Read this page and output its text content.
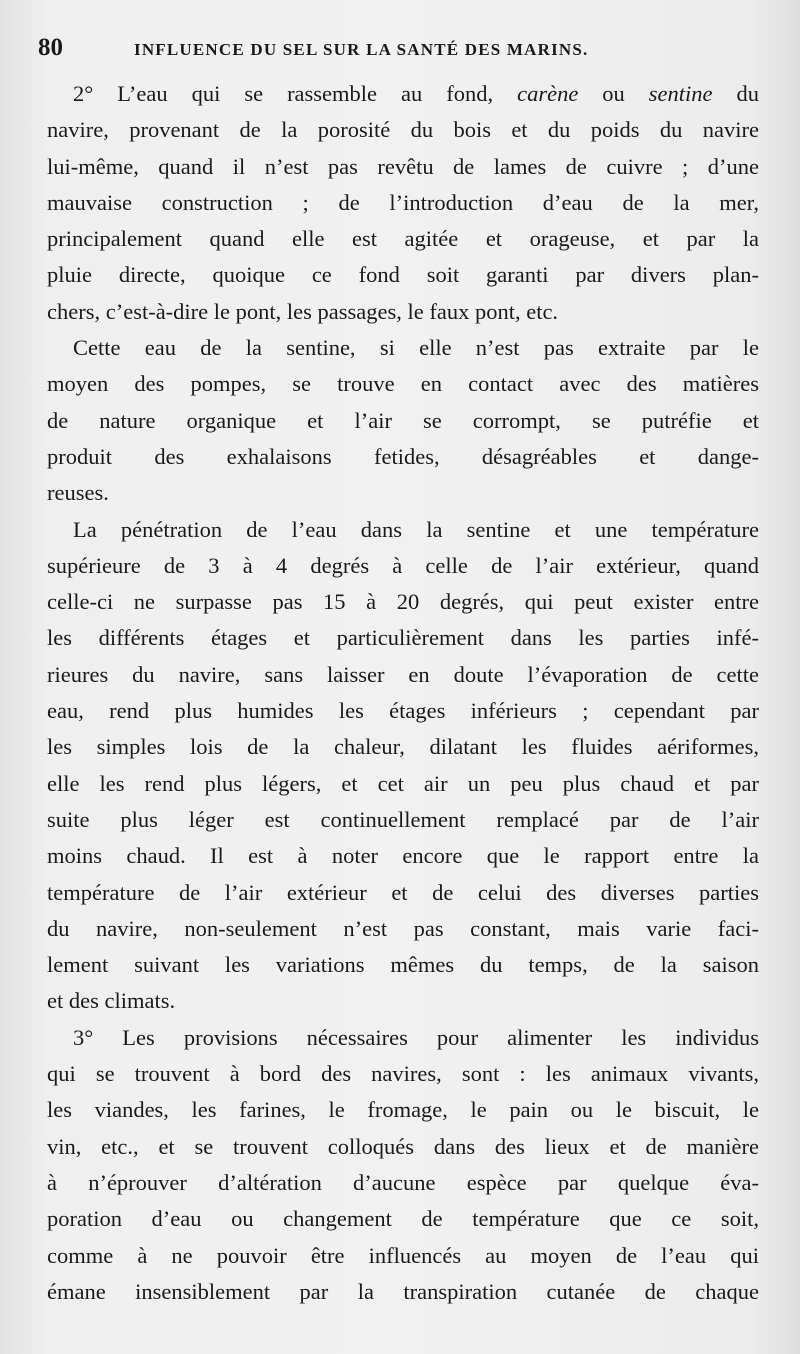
80	INFLUENCE DU SEL SUR LA SANTÉ DES MARINS.
2° L’eau qui se rassemble au fond, carène ou sentine du
navire, provenant de la porosité du bois et du poids du navire
lui-même, quand il n’est pas revêtu de lames de cuivre ; d’une
mauvaise construction ; de l’introduction d’eau de la mer,
principalement quand elle est agitée et orageuse, et par la
pluie directe, quoique ce fond soit garanti par divers plan-
chers, c’est-à-dire le pont, les passages, le faux pont, etc.
Cette eau de la sentine, si elle n’est pas extraite par le
moyen des pompes, se trouve en contact avec des matières
de nature organique et l’air se corrompt, se putréfie et
produit des exhalaisons fetides, désagréables et dange-
reuses.
La pénétration de l’eau dans la sentine et une température
supérieure de 3 à 4 degrés à celle de l’air extérieur, quand
celle-ci ne surpasse pas 15 à 20 degrés, qui peut exister entre
les différents étages et particulièrement dans les parties infé-
rieures du navire, sans laisser en doute l’évaporation de cette
eau, rend plus humides les étages inférieurs ; cependant par
les simples lois de la chaleur, dilatant les fluides aériformes,
elle les rend plus légers, et cet air un peu plus chaud et par
suite plus léger est continuellement remplacé par de l’air
moins chaud. Il est à noter encore que le rapport entre la
température de l’air extérieur et de celui des diverses parties
du navire, non-seulement n’est pas constant, mais varie faci-
lement suivant les variations mêmes du temps, de la saison
et des climats.
3° Les provisions nécessaires pour alimenter les individus
qui se trouvent à bord des navires, sont : les animaux vivants,
les viandes, les farines, le fromage, le pain ou le biscuit, le
vin, etc., et se trouvent colloqués dans des lieux et de manière
à n’éprouver d’altération d’aucune espèce par quelque éva-
poration d’eau ou changement de température que ce soit,
comme à ne pouvoir être influencés au moyen de l’eau qui
émane insensiblement par la transpiration cutanée de chaque
